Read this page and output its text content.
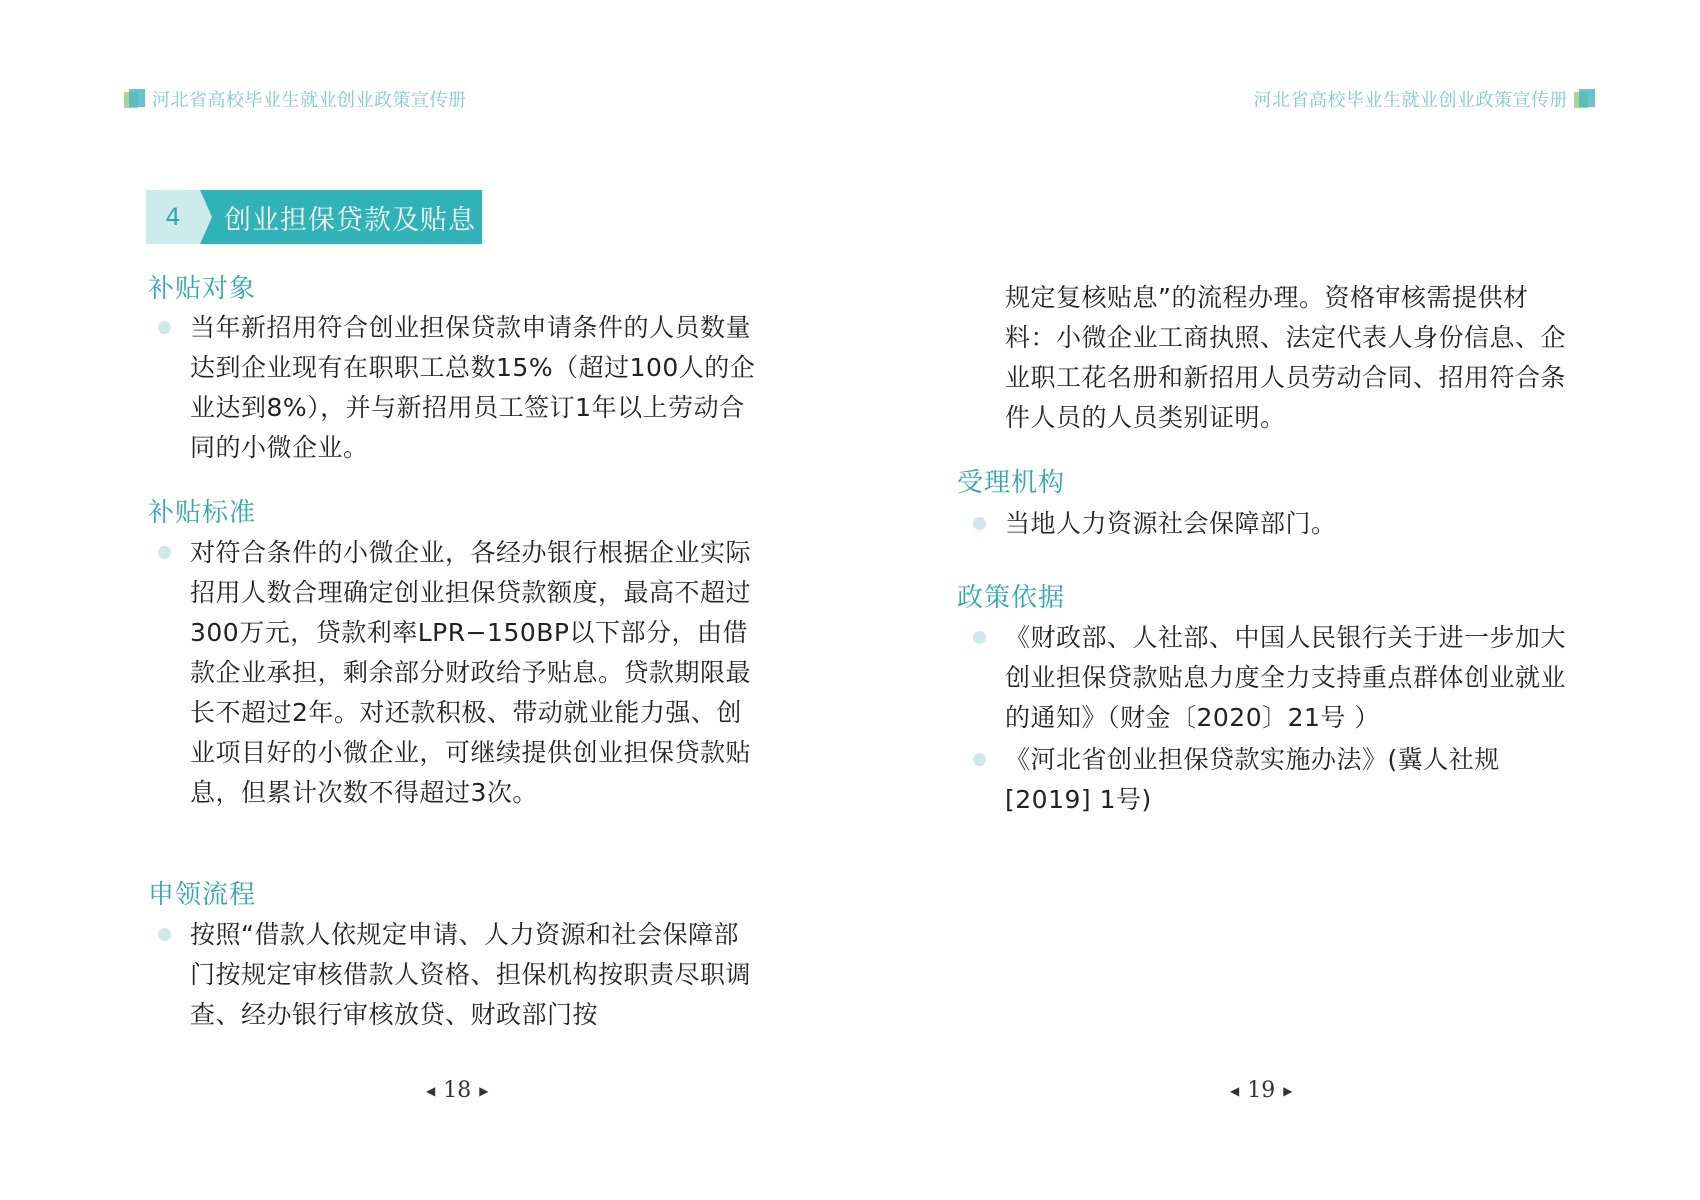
河北省高校毕业生就业创业政策宣传册
4	创业担保贷款及贴息
补贴对象
当年新招用符合创业担保贷款申请条件的人员数量达到企业现有在职职工总数15%（超过100人的企业达到8%），并与新招用员工签订1年以上劳动合同的小微企业。
补贴标准
对符合条件的小微企业，各经办银行根据企业实际招用人数合理确定创业担保贷款额度，最高不超过300万元，贷款利率LPR−150BP以下部分，由借款企业承担，剩余部分财政给予贴息。贷款期限最长不超过2年。对还款积极、带动就业能力强、创业项目好的小微企业，可继续提供创业担保贷款贴息，但累计次数不得超过3次。
申领流程
按照“借款人依规定申请、人力资源和社会保障部门按规定审核借款人资格、担保机构按职责尽职调查、经办银行审核放贷、财政部门按
◀ 18 ▶
河北省高校毕业生就业创业政策宣传册
规定复核贴息”的流程办理。资格审核需提供材料：小微企业工商执照、法定代表人身份信息、企业职工花名册和新招用人员劳动合同、招用符合条件人员的人员类别证明。
受理机构
当地人力资源社会保障部门。
政策依据
《财政部、人社部、中国人民银行关于进一步加大创业担保贷款贴息力度全力支持重点群体创业就业的通知》（财金〔2020〕21号 ）
《河北省创业担保贷款实施办法》(冀人社规[2019] 1号)
◀ 19 ▶
